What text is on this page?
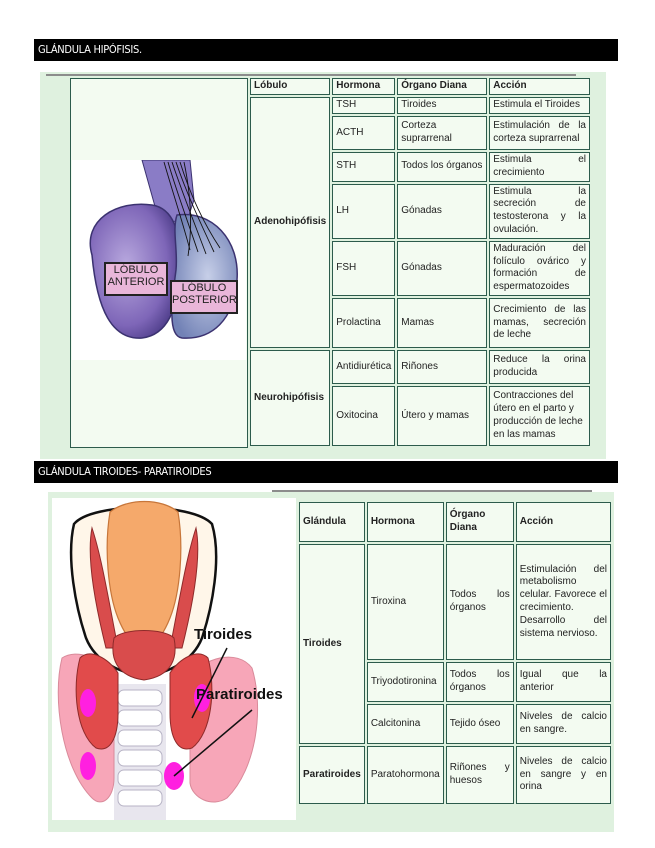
GLÁNDULA HIPÓFISIS.
LÓBULO ANTERIOR	LÓBULO POSTERIOR
Lóbulo	Hormona	Órgano Diana	Acción
Adenohipófisis	TSH	Tiroides	Estimula el Tiroides
	ACTH	Corteza suprarrenal	Estimulación de la corteza suprarrenal
	STH	Todos los órganos	Estimula el crecimiento
	LH	Gónadas	Estimula la secreción de testosterona y la ovulación.
	FSH	Gónadas	Maduración del folículo ovárico y formación de espermatozoides
	Prolactina	Mamas	Crecimiento de las mamas, secreción de leche
Neurohipófisis	Antidiurética	Riñones	Reduce la orina producida
	Oxitocina	Útero y mamas	Contracciones del útero en el parto y producción de leche en las mamas
GLÁNDULA TIROIDES- PARATIROIDES
Tiroides
Paratiroides
Glándula	Hormona	Órgano Diana	Acción
Tiroides	Tiroxina	Todos los órganos	Estimulación del metabolismo celular. Favorece el crecimiento. Desarrollo del sistema nervioso.
	Triyodotironina	Todos los órganos	Igual que la anterior
	Calcitonina	Tejido óseo	Niveles de calcio en sangre.
Paratiroides	Paratohormona	Riñones y huesos	Niveles de calcio en sangre y en orina
